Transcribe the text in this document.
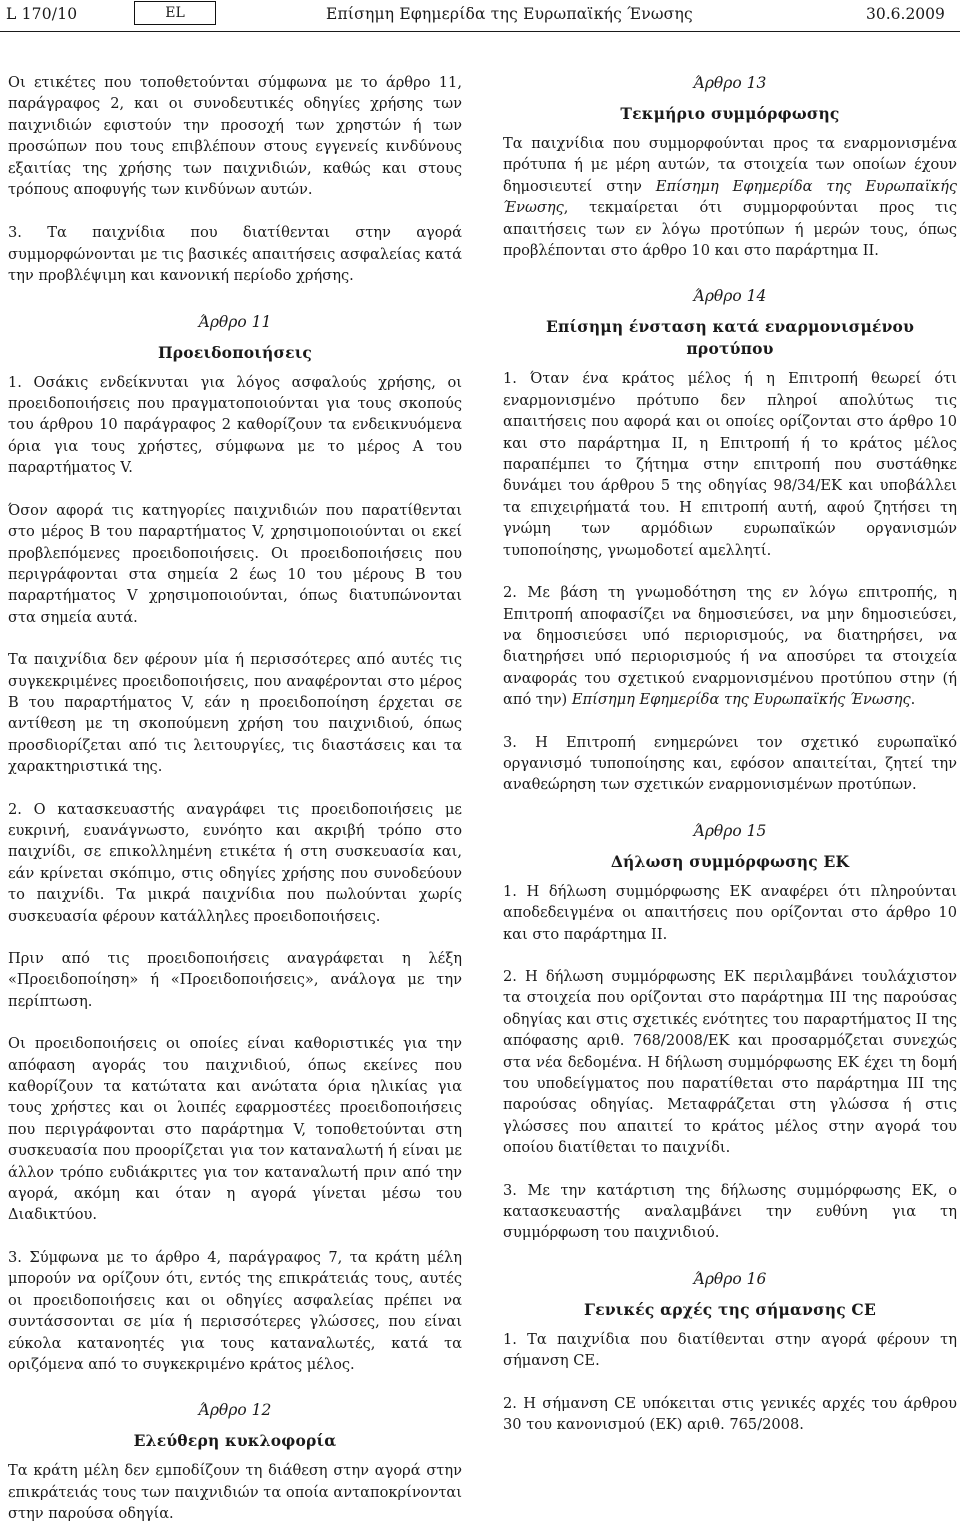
L 170/10	EL	Επίσημη Εφημερίδα της Ευρωπαϊκής Ένωσης	30.6.2009

Οι ετικέτες που τοποθετούνται σύμφωνα με το άρθρο 11, παράγραφος 2, και οι συνοδευτικές οδηγίες χρήσης των παιχνιδιών εφιστούν την προσοχή των χρηστών ή των προσώπων που τους επιβλέπουν στους εγγενείς κινδύνους εξαιτίας της χρήσης των παιχνιδιών, καθώς και στους τρόπους αποφυγής των κινδύνων αυτών.

3. Τα παιχνίδια που διατίθενται στην αγορά συμμορφώνονται με τις βασικές απαιτήσεις ασφαλείας κατά την προβλέψιμη και κανονική περίοδο χρήσης.

Άρθρο 11

Προειδοποιήσεις

1. Οσάκις ενδείκνυται για λόγος ασφαλούς χρήσης, οι προειδοποιήσεις που πραγματοποιούνται για τους σκοπούς του άρθρου 10 παράγραφος 2 καθορίζουν τα ενδεικνυόμενα όρια για τους χρήστες, σύμφωνα με το μέρος Α του παραρτήματος V.

Όσον αφορά τις κατηγορίες παιχνιδιών που παρατίθενται στο μέρος Β του παραρτήματος V, χρησιμοποιούνται οι εκεί προβλεπόμενες προειδοποιήσεις. Οι προειδοποιήσεις που περιγράφονται στα σημεία 2 έως 10 του μέρους Β του παραρτήματος V χρησιμοποιούνται, όπως διατυπώνονται στα σημεία αυτά.

Τα παιχνίδια δεν φέρουν μία ή περισσότερες από αυτές τις συγκεκριμένες προειδοποιήσεις, που αναφέρονται στο μέρος Β του παραρτήματος V, εάν η προειδοποίηση έρχεται σε αντίθεση με τη σκοπούμενη χρήση του παιχνιδιού, όπως προσδιορίζεται από τις λειτουργίες, τις διαστάσεις και τα χαρακτηριστικά της.

2. Ο κατασκευαστής αναγράφει τις προειδοποιήσεις με ευκρινή, ευανάγνωστο, ευνόητο και ακριβή τρόπο στο παιχνίδι, σε επικολλημένη ετικέτα ή στη συσκευασία και, εάν κρίνεται σκόπιμο, στις οδηγίες χρήσης που συνοδεύουν το παιχνίδι. Τα μικρά παιχνίδια που πωλούνται χωρίς συσκευασία φέρουν κατάλληλες προειδοποιήσεις.

Πριν από τις προειδοποιήσεις αναγράφεται η λέξη «Προειδοποίηση» ή «Προειδοποιήσεις», ανάλογα με την περίπτωση.

Οι προειδοποιήσεις οι οποίες είναι καθοριστικές για την απόφαση αγοράς του παιχνιδιού, όπως εκείνες που καθορίζουν τα κατώτατα και ανώτατα όρια ηλικίας για τους χρήστες και οι λοιπές εφαρμοστέες προειδοποιήσεις που περιγράφονται στο παράρτημα V, τοποθετούνται στη συσκευασία που προορίζεται για τον καταναλωτή ή είναι με άλλον τρόπο ευδιάκριτες για τον καταναλωτή πριν από την αγορά, ακόμη και όταν η αγορά γίνεται μέσω του Διαδικτύου.

3. Σύμφωνα με το άρθρο 4, παράγραφος 7, τα κράτη μέλη μπορούν να ορίζουν ότι, εντός της επικράτειάς τους, αυτές οι προειδοποιήσεις και οι οδηγίες ασφαλείας πρέπει να συντάσσονται σε μία ή περισσότερες γλώσσες, που είναι εύκολα κατανοητές για τους καταναλωτές, κατά τα οριζόμενα από το συγκεκριμένο κράτος μέλος.

Άρθρο 12

Ελεύθερη κυκλοφορία

Τα κράτη μέλη δεν εμποδίζουν τη διάθεση στην αγορά στην επικράτειάς τους των παιχνιδιών τα οποία ανταποκρίνονται στην παρούσα οδηγία.

Άρθρο 13

Τεκμήριο συμμόρφωσης

Τα παιχνίδια που συμμορφούνται προς τα εναρμονισμένα πρότυπα ή με μέρη αυτών, τα στοιχεία των οποίων έχουν δημοσιευτεί στην Επίσημη Εφημερίδα της Ευρωπαϊκής Ένωσης, τεκμαίρεται ότι συμμορφούνται προς τις απαιτήσεις των εν λόγω προτύπων ή μερών τους, όπως προβλέπονται στο άρθρο 10 και στο παράρτημα II.

Άρθρο 14

Επίσημη ένσταση κατά εναρμονισμένου προτύπου

1. Όταν ένα κράτος μέλος ή η Επιτροπή θεωρεί ότι εναρμονισμένο πρότυπο δεν πληροί απολύτως τις απαιτήσεις που αφορά και οι οποίες ορίζονται στο άρθρο 10 και στο παράρτημα II, η Επιτροπή ή το κράτος μέλος παραπέμπει το ζήτημα στην επιτροπή που συστάθηκε δυνάμει του άρθρου 5 της οδηγίας 98/34/ΕΚ και υποβάλλει τα επιχειρήματά του. Η επιτροπή αυτή, αφού ζητήσει τη γνώμη των αρμόδιων ευρωπαϊκών οργανισμών τυποποίησης, γνωμοδοτεί αμελλητί.

2. Με βάση τη γνωμοδότηση της εν λόγω επιτροπής, η Επιτροπή αποφασίζει να δημοσιεύσει, να μην δημοσιεύσει, να δημοσιεύσει υπό περιορισμούς, να διατηρήσει, να διατηρήσει υπό περιορισμούς ή να αποσύρει τα στοιχεία αναφοράς του σχετικού εναρμονισμένου προτύπου στην (ή από την) Επίσημη Εφημερίδα της Ευρωπαϊκής Ένωσης.

3. Η Επιτροπή ενημερώνει τον σχετικό ευρωπαϊκό οργανισμό τυποποίησης και, εφόσον απαιτείται, ζητεί την αναθεώρηση των σχετικών εναρμονισμένων προτύπων.

Άρθρο 15

Δήλωση συμμόρφωσης ΕΚ

1. Η δήλωση συμμόρφωσης ΕΚ αναφέρει ότι πληρούνται αποδεδειγμένα οι απαιτήσεις που ορίζονται στο άρθρο 10 και στο παράρτημα II.

2. Η δήλωση συμμόρφωσης ΕΚ περιλαμβάνει τουλάχιστον τα στοιχεία που ορίζονται στο παράρτημα III της παρούσας οδηγίας και στις σχετικές ενότητες του παραρτήματος II της απόφασης αριθ. 768/2008/ΕΚ και προσαρμόζεται συνεχώς στα νέα δεδομένα. Η δήλωση συμμόρφωσης ΕΚ έχει τη δομή του υποδείγματος που παρατίθεται στο παράρτημα III της παρούσας οδηγίας. Μεταφράζεται στη γλώσσα ή στις γλώσσες που απαιτεί το κράτος μέλος στην αγορά του οποίου διατίθεται το παιχνίδι.

3. Με την κατάρτιση της δήλωσης συμμόρφωσης ΕΚ, ο κατασκευαστής αναλαμβάνει την ευθύνη για τη συμμόρφωση του παιχνιδιού.

Άρθρο 16

Γενικές αρχές της σήμανσης CE

1. Τα παιχνίδια που διατίθενται στην αγορά φέρουν τη σήμανση CE.

2. Η σήμανση CE υπόκειται στις γενικές αρχές του άρθρου 30 του κανονισμού (ΕΚ) αριθ. 765/2008.
